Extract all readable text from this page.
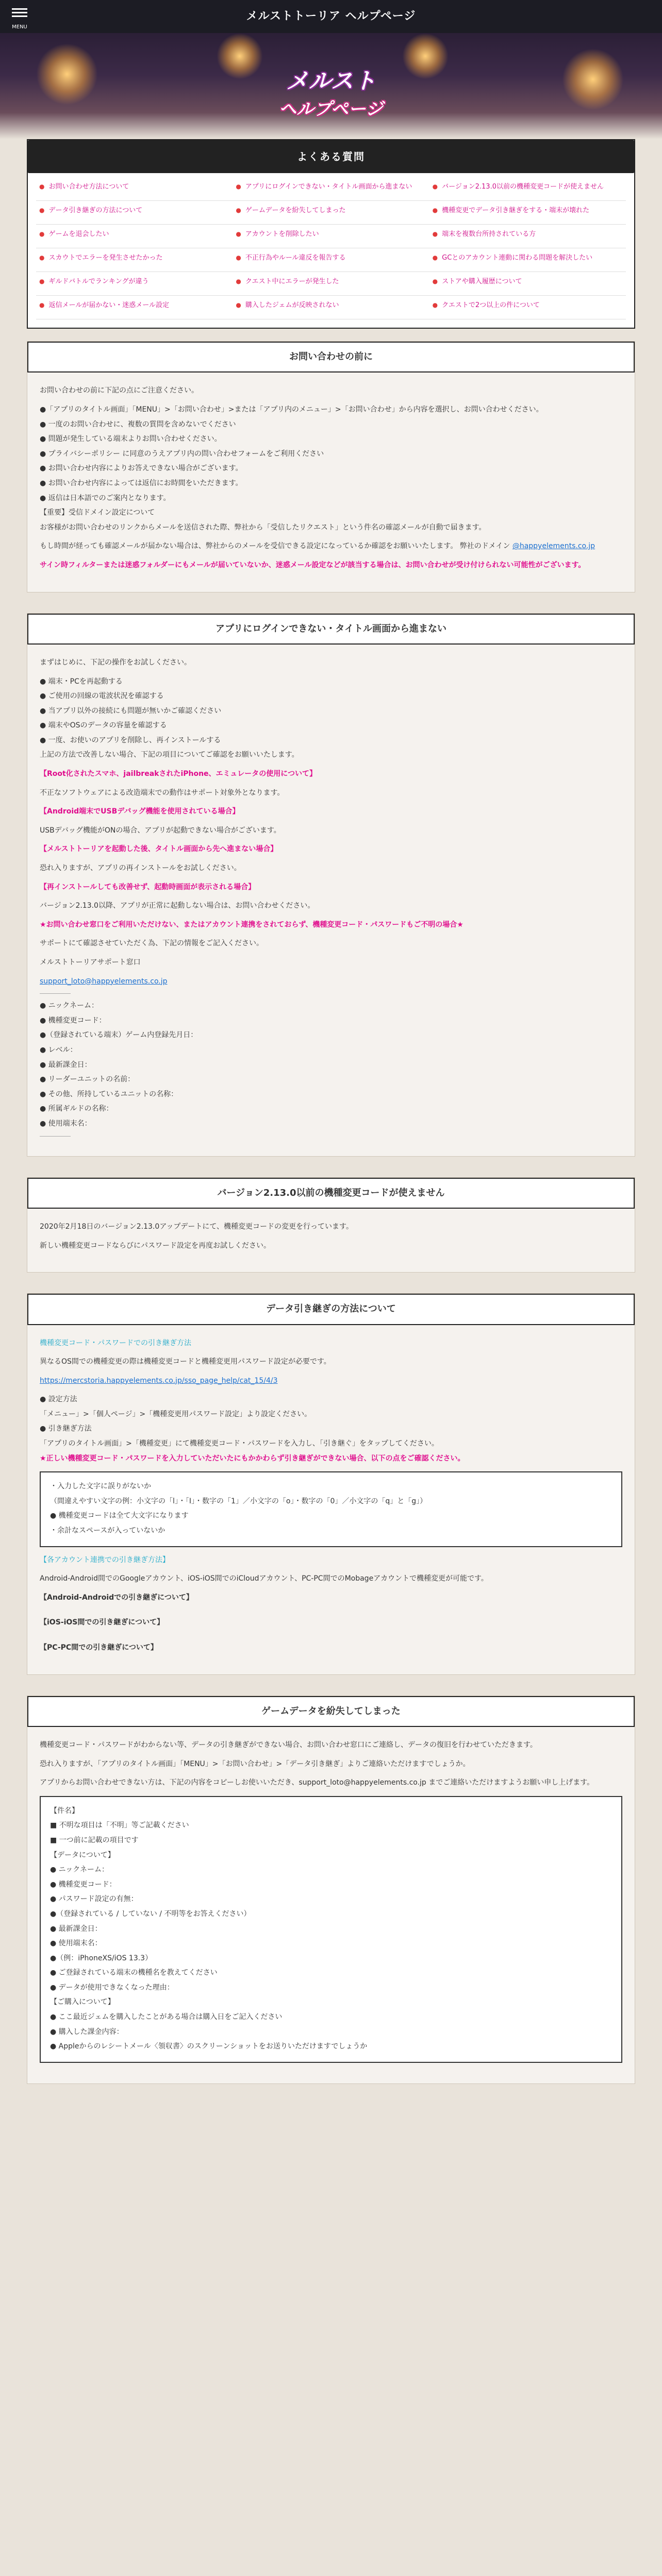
MENU
メルストトーリア ヘルプページ
メルスト
ヘルプページ
よくある質問
● お問い合わせ方法について	● アプリにログインできない・タイトル画面から進まない	● バージョン2.13.0以前の機種変更コードが使えません
● データ引き継ぎの方法について	● ゲームデータを紛失してしまった	● 機種変更でデータ引き継ぎをする・端末が壊れた
● ゲームを退会したい	● アカウントを削除したい	● 端末を複数台所持されている方
● スカウトでエラーを発生させたかった	● 不正行為やルール違反を報告する	● GCとのアカウント連動に関わる問題を解決したい
● ギルドバトルでランキングが違う	● クエスト中にエラーが発生した	● ストアや購入履歴について
● 返信メールが届かない・迷惑メール設定	● 購入したジェムが反映されない	● クエストで2つ以上の件について
お問い合わせの前に

お問い合わせの前に下記の点にご注意ください。

●「アプリのタイトル画面」「MENU」>「お問い合わせ」>または「アプリ内のメニュー」>「お問い合わせ」から内容を選択し、お問い合わせください。

● 一度のお問い合わせに、複数の質問を含めないでください

● 問題が発生している端末よりお問い合わせください。

● プライバシーポリシー に同意のうえアプリ内の問い合わせフォームをご利用ください

● お問い合わせ内容によりお答えできない場合がございます。

● お問い合わせ内容によっては返信にお時間をいただきます。

● 返信は日本語でのご案内となります。

【重要】受信ドメイン設定について

お客様がお問い合わせのリンクからメールを送信された際、弊社から「受信したリクエスト」という件名の確認メールが自動で届きます。

もし時間が経っても確認メールが届かない場合は、弊社からのメールを受信できる設定になっているか確認をお願いいたします。 弊社のドメイン @happyelements.co.jp

サイン時フィルターまたは迷惑フォルダーにもメールが届いていないか、迷惑メール設定などが該当する場合は、お問い合わせが受け付けられない可能性がございます。

アプリにログインできない・タイトル画面から進まない

まずはじめに、下記の操作をお試しください。

● 端末・PCを再起動する

● ご使用の回線の電波状況を確認する

● 当アプリ以外の接続にも問題が無いかご確認ください

● 端末やOSのデータの容量を確認する

● 一度、お使いのアプリを削除し、再インストールする

上記の方法で改善しない場合、下記の項目についてご確認をお願いいたします。

【Root化されたスマホ、jailbreakされたiPhone、エミュレータの使用について】

不正なソフトウェアによる改造端末での動作はサポート対象外となります。

【Android端末でUSBデバッグ機能を使用されている場合】

USBデバッグ機能がONの場合、アプリが起動できない場合がございます。

【メルストトーリアを起動した後、タイトル画面から先へ進まない場合】

恐れ入りますが、アプリの再インストールをお試しください。

【再インストールしても改善せず、起動時画面が表示される場合】

バージョン2.13.0以降、アプリが正常に起動しない場合は、お問い合わせください。

★お問い合わせ窓口をご利用いただけない、またはアカウント連携をされておらず、機種変更コード・パスワードもご不明の場合★

サポートにて確認させていただく為、下記の情報をご記入ください。

メルストトーリアサポート窓口

support_loto@happyelements.co.jp

● ニックネーム：

● 機種変更コード：

●（登録されている端末）ゲーム内登録先月日：

● レベル：

● 最新課金日：

● リーダーユニットの名前：

● その他、所持しているユニットの名称：

● 所属ギルドの名称：

● 使用端末名：

バージョン2.13.0以前の機種変更コードが使えません

2020年2月18日のバージョン2.13.0アップデートにて、機種変更コードの変更を行っています。

新しい機種変更コードならびにパスワード設定を再度お試しください。

データ引き継ぎの方法について

機種変更コード・パスワードでの引き継ぎ方法

異なるOS間での機種変更の際は機種変更コードと機種変更用パスワード設定が必要です。

https://mercstoria.happyelements.co.jp/sso_page_help/cat_15/4/3

● 設定方法

「メニュー」>「個人ページ」>「機種変更用パスワード設定」より設定ください。

● 引き継ぎ方法

「アプリのタイトル画面」>「機種変更」にて機種変更コード・パスワードを入力し、「引き継ぐ」をタップしてください。

★正しい機種変更コード・パスワードを入力していただいたにもかかわらず引き継ぎができない場合、以下の点をご確認ください。

・入力した文字に誤りがないか

（間違えやすい文字の例：小文字の「l」・「I」・数字の「1」／小文字の「o」・数字の「0」／小文字の「q」と「g」）

● 機種変更コードは全て大文字になります

・余計なスペースが入っていないか

【各アカウント連携での引き継ぎ方法】

Android-Android間でのGoogleアカウント、iOS-iOS間でのiCloudアカウント、PC-PC間でのMobageアカウントで機種変更が可能です。

【Android-Androidでの引き継ぎについて】

【iOS-iOS間での引き継ぎについて】

【PC-PC間での引き継ぎについて】

ゲームデータを紛失してしまった

機種変更コード・パスワードがわからない等、データの引き継ぎができない場合、お問い合わせ窓口にご連絡し、データの復旧を行わせていただきます。

恐れ入りますが、「アプリのタイトル画面」「MENU」>「お問い合わせ」>「データ引き継ぎ」よりご連絡いただけますでしょうか。

アプリからお問い合わせできない方は、下記の内容をコピーしお使いいただき、support_loto@happyelements.co.jp までご連絡いただけますようお願い申し上げます。

【件名】

■ 不明な項目は「不明」等ご記載ください

■ 一つ前に記載の項目です

【データについて】

● ニックネーム：

● 機種変更コード：

● パスワード設定の有無：

●（登録されている / していない / 不明等をお答えください）

● 最新課金日：

● 使用端末名：

●（例：iPhoneXS/iOS 13.3）

● ご登録されている端末の機種名を教えてください

● データが使用できなくなった理由：

【ご購入について】

● ここ最近ジェムを購入したことがある場合は購入日をご記入ください

● 購入した課金内容：

● Appleからのレシートメール〈領収書〉のスクリーンショットをお送りいただけますでしょうか
